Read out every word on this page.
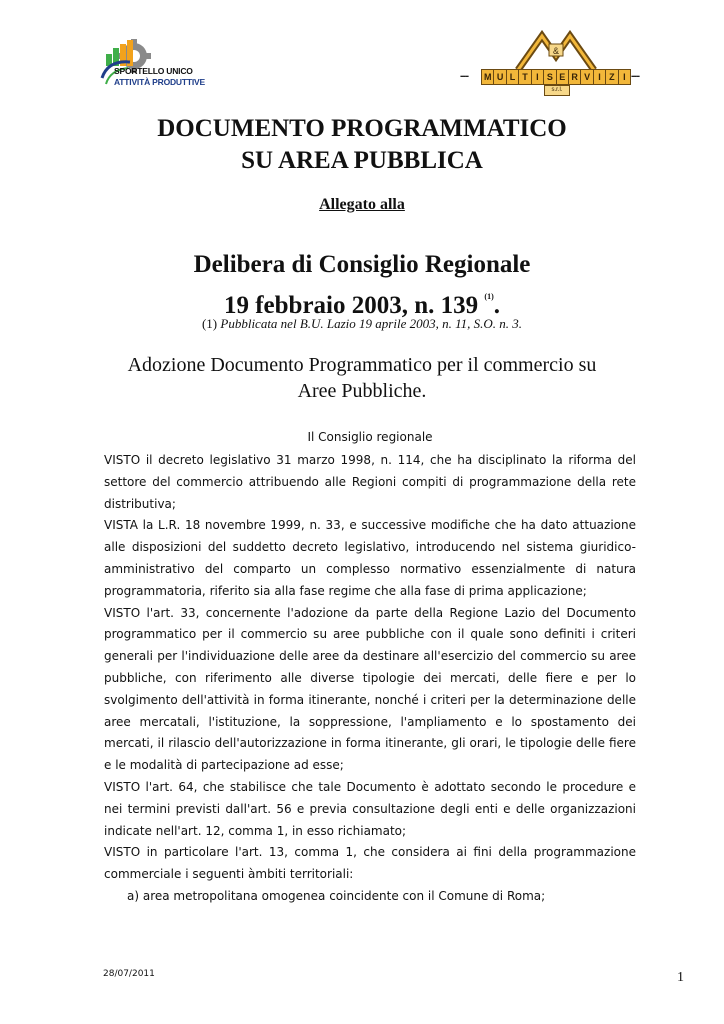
SPORTELLO UNICO
ATTIVITÀ PRODUTTIVE
&
--- M U L T I S E R V I Z I ---
s.r.l.
DOCUMENTO PROGRAMMATICO
SU AREA PUBBLICA
Allegato alla
Delibera di Consiglio Regionale
19 febbraio 2003, n. 139 $^{(1)}$.
(1) Pubblicata nel B.U. Lazio 19 aprile 2003, n. 11, S.O. n. 3.
Adozione Documento Programmatico per il commercio su
Aree Pubbliche.
Il Consiglio regionale

VISTO il decreto legislativo 31 marzo 1998, n. 114, che ha disciplinato la riforma del settore del commercio attribuendo alle Regioni compiti di programmazione della rete distributiva;

VISTA la L.R. 18 novembre 1999, n. 33, e successive modifiche che ha dato attuazione alle disposizioni del suddetto decreto legislativo, introducendo nel sistema giuridico-amministrativo del comparto un complesso normativo essenzialmente di natura programmatoria, riferito sia alla fase regime che alla fase di prima applicazione;

VISTO l'art. 33, concernente l'adozione da parte della Regione Lazio del Documento programmatico per il commercio su aree pubbliche con il quale sono definiti i criteri generali per l'individuazione delle aree da destinare all'esercizio del commercio su aree pubbliche, con riferimento alle diverse tipologie dei mercati, delle fiere e per lo svolgimento dell'attività in forma itinerante, nonché i criteri per la determinazione delle aree mercatali, l'istituzione, la soppressione, l'ampliamento e lo spostamento dei mercati, il rilascio dell'autorizzazione in forma itinerante, gli orari, le tipologie delle fiere e le modalità di partecipazione ad esse;

VISTO l'art. 64, che stabilisce che tale Documento è adottato secondo le procedure e nei termini previsti dall'art. 56 e previa consultazione degli enti e delle organizzazioni indicate nell'art. 12, comma 1, in esso richiamato;

VISTO in particolare l'art. 13, comma 1, che considera ai fini della programmazione commerciale i seguenti àmbiti territoriali:

a) area metropolitana omogenea coincidente con il Comune di Roma;

28/07/2011	1
